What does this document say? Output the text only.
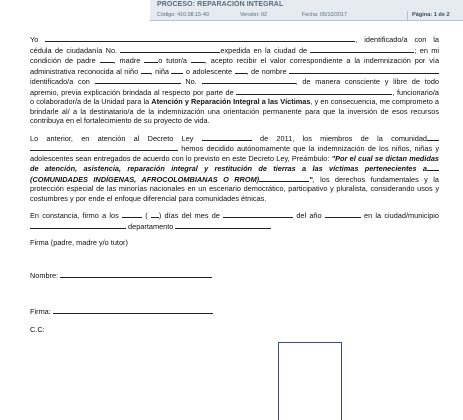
PROCESO: REPARACIÓN INTEGRAL
Código: 410.08.15-40	Versión: 02	Fecha: 05/10/2017	Página: 1 de 2

Yo	, identificado/a con la cédula de ciudadanía No.	expedida en la ciudad de	; en mi condición de padre , madre o tutor/a , acepto recibir el valor correspondiente a la indemnización por vía administrativa reconocida al niño , niña o adolescente , de nombre  identificado/a con	No.	, de manera consciente y libre de todo apremio, previa explicación brindada al respecto por parte de	, funcionario/a o colaborador/a de la Unidad para la Atención y Reparación Integral a las Víctimas, y en consecuencia, me comprometo a brindarle al/ a la destinatario/a de la indemnización una orientación permanente para que la inversión de esos recursos contribuya en el fortalecimiento de su proyecto de vida.

Lo anterior, en atención al Decreto Ley	de 2011, los miembros de la comunidad  hemos decidido autónomamente que la indemnización de los niños, niñas y adolescentes sean entregados de acuerdo con lo previsto en este Decreto Ley, Preámbulo: "Por el cual se dictan medidas de atención, asistencia, reparación integral y restitución de tierras a las víctimas pertenecientes a(COMUNIDADES INDÍGENAS, AFROCOLOMBIANAS O RROM)	", los derechos fundamentales y la protección especial de las minorías nacionales en un escenario democrático, participativo y pluralista, considerando usos y costumbres y por ende el enfoque diferencial para comunidades étnicas.

En constancia, firmo a los	( ) días del mes de	del año	en la ciudad/municipio  departamento

Firma (padre, madre y/o tutor)

Nombre:

Firma:

C.C:
